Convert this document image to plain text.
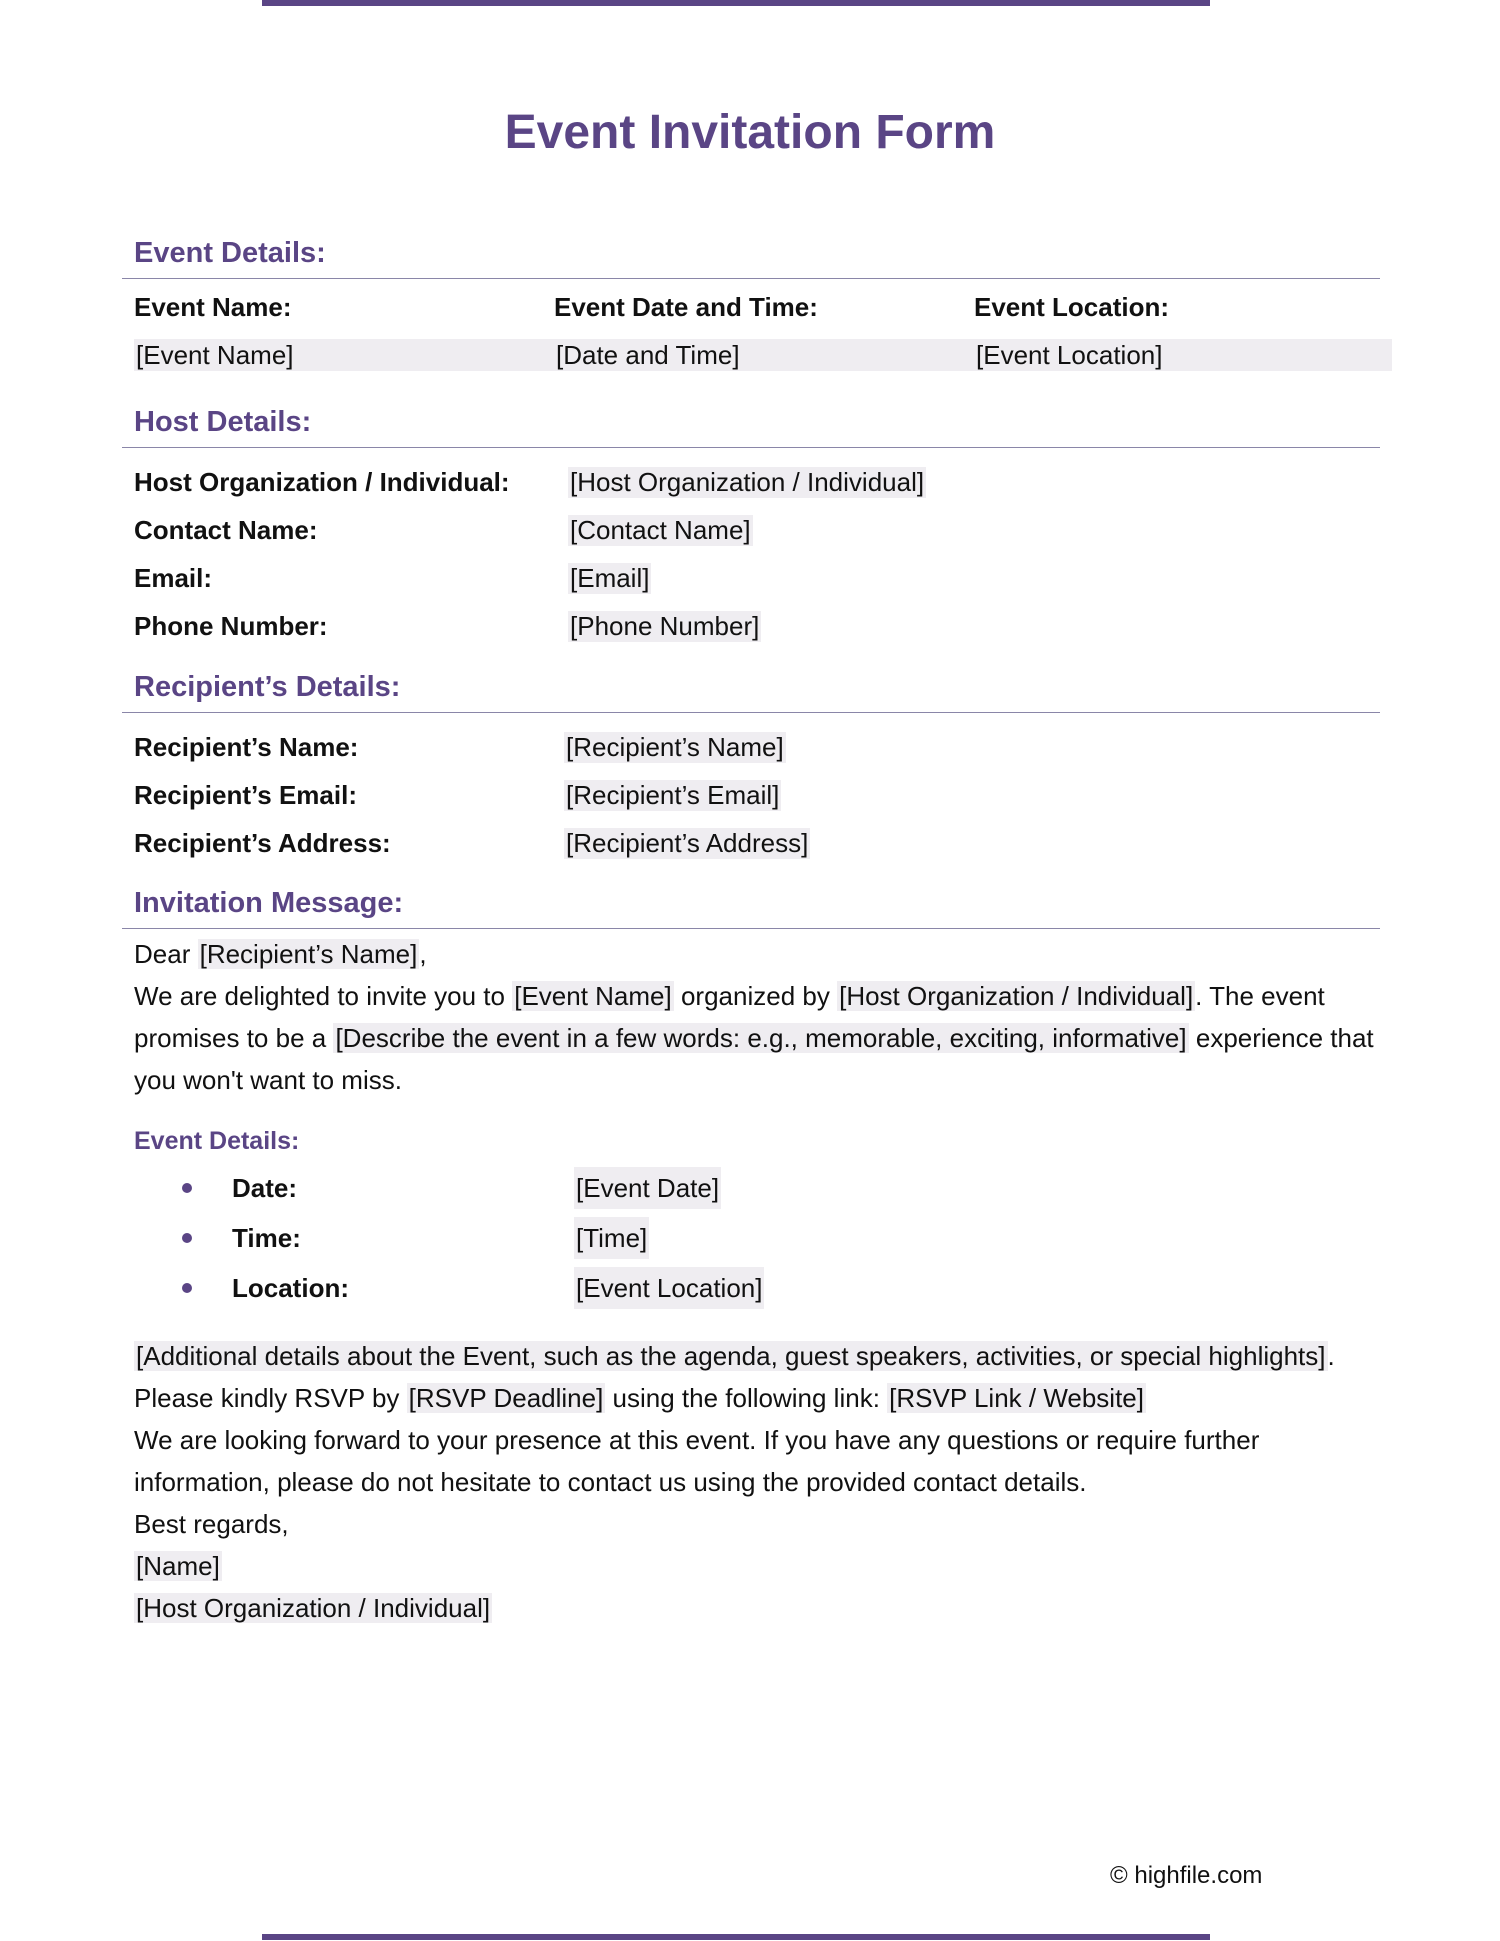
Event Invitation Form
Event Details:
Event Name:
[Event Name]
Event Date and Time:
[Date and Time]
Event Location:
[Event Location]
Host Details:
Host Organization / Individual:	[Host Organization / Individual]
Contact Name:	[Contact Name]
Email:	[Email]
Phone Number:	[Phone Number]
Recipient’s Details:
Recipient’s Name:	[Recipient’s Name]
Recipient’s Email:	[Recipient’s Email]
Recipient’s Address:	[Recipient’s Address]
Invitation Message:

Dear [Recipient’s Name],

We are delighted to invite you to [Event Name] organized by [Host Organization / Individual]. The event promises to be a [Describe the event in a few words: e.g., memorable, exciting, informative] experience that you won't want to miss.

Event Details:
Date:	[Event Date]
Time:	[Time]
Location:	[Event Location]

[Additional details about the Event, such as the agenda, guest speakers, activities, or special highlights].

Please kindly RSVP by [RSVP Deadline] using the following link: [RSVP Link / Website]

We are looking forward to your presence at this event. If you have any questions or require further information, please do not hesitate to contact us using the provided contact details.

Best regards,

[Name]

[Host Organization / Individual]

© highfile.com
